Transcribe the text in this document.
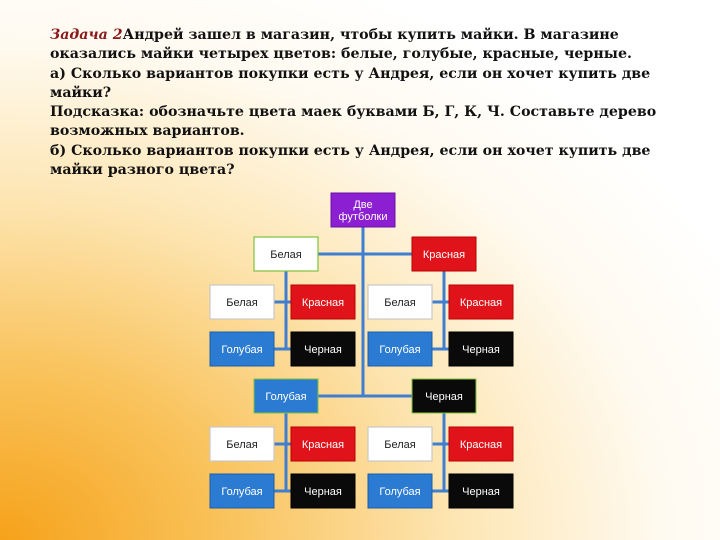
Задача 2Андрей зашел в магазин, чтобы купить майки. В магазине
оказались майки четырех цветов: белые, голубые, красные, черные.
а) Сколько вариантов покупки есть у Андрея, если он хочет купить две
майки?
Подсказка: обозначьте цвета маек буквами Б, Г, К, Ч. Составьте дерево
возможных вариантов.
б) Сколько вариантов покупки есть у Андрея, если он хочет купить две
майки разного цвета?
Две
футболки
Белая
Белая	Красная
Голубая	Черная
Красная
Белая	Красная
Голубая	Черная
Голубая
Белая	Красная
Голубая	Черная
Черная
Белая	Красная
Голубая	Черная
